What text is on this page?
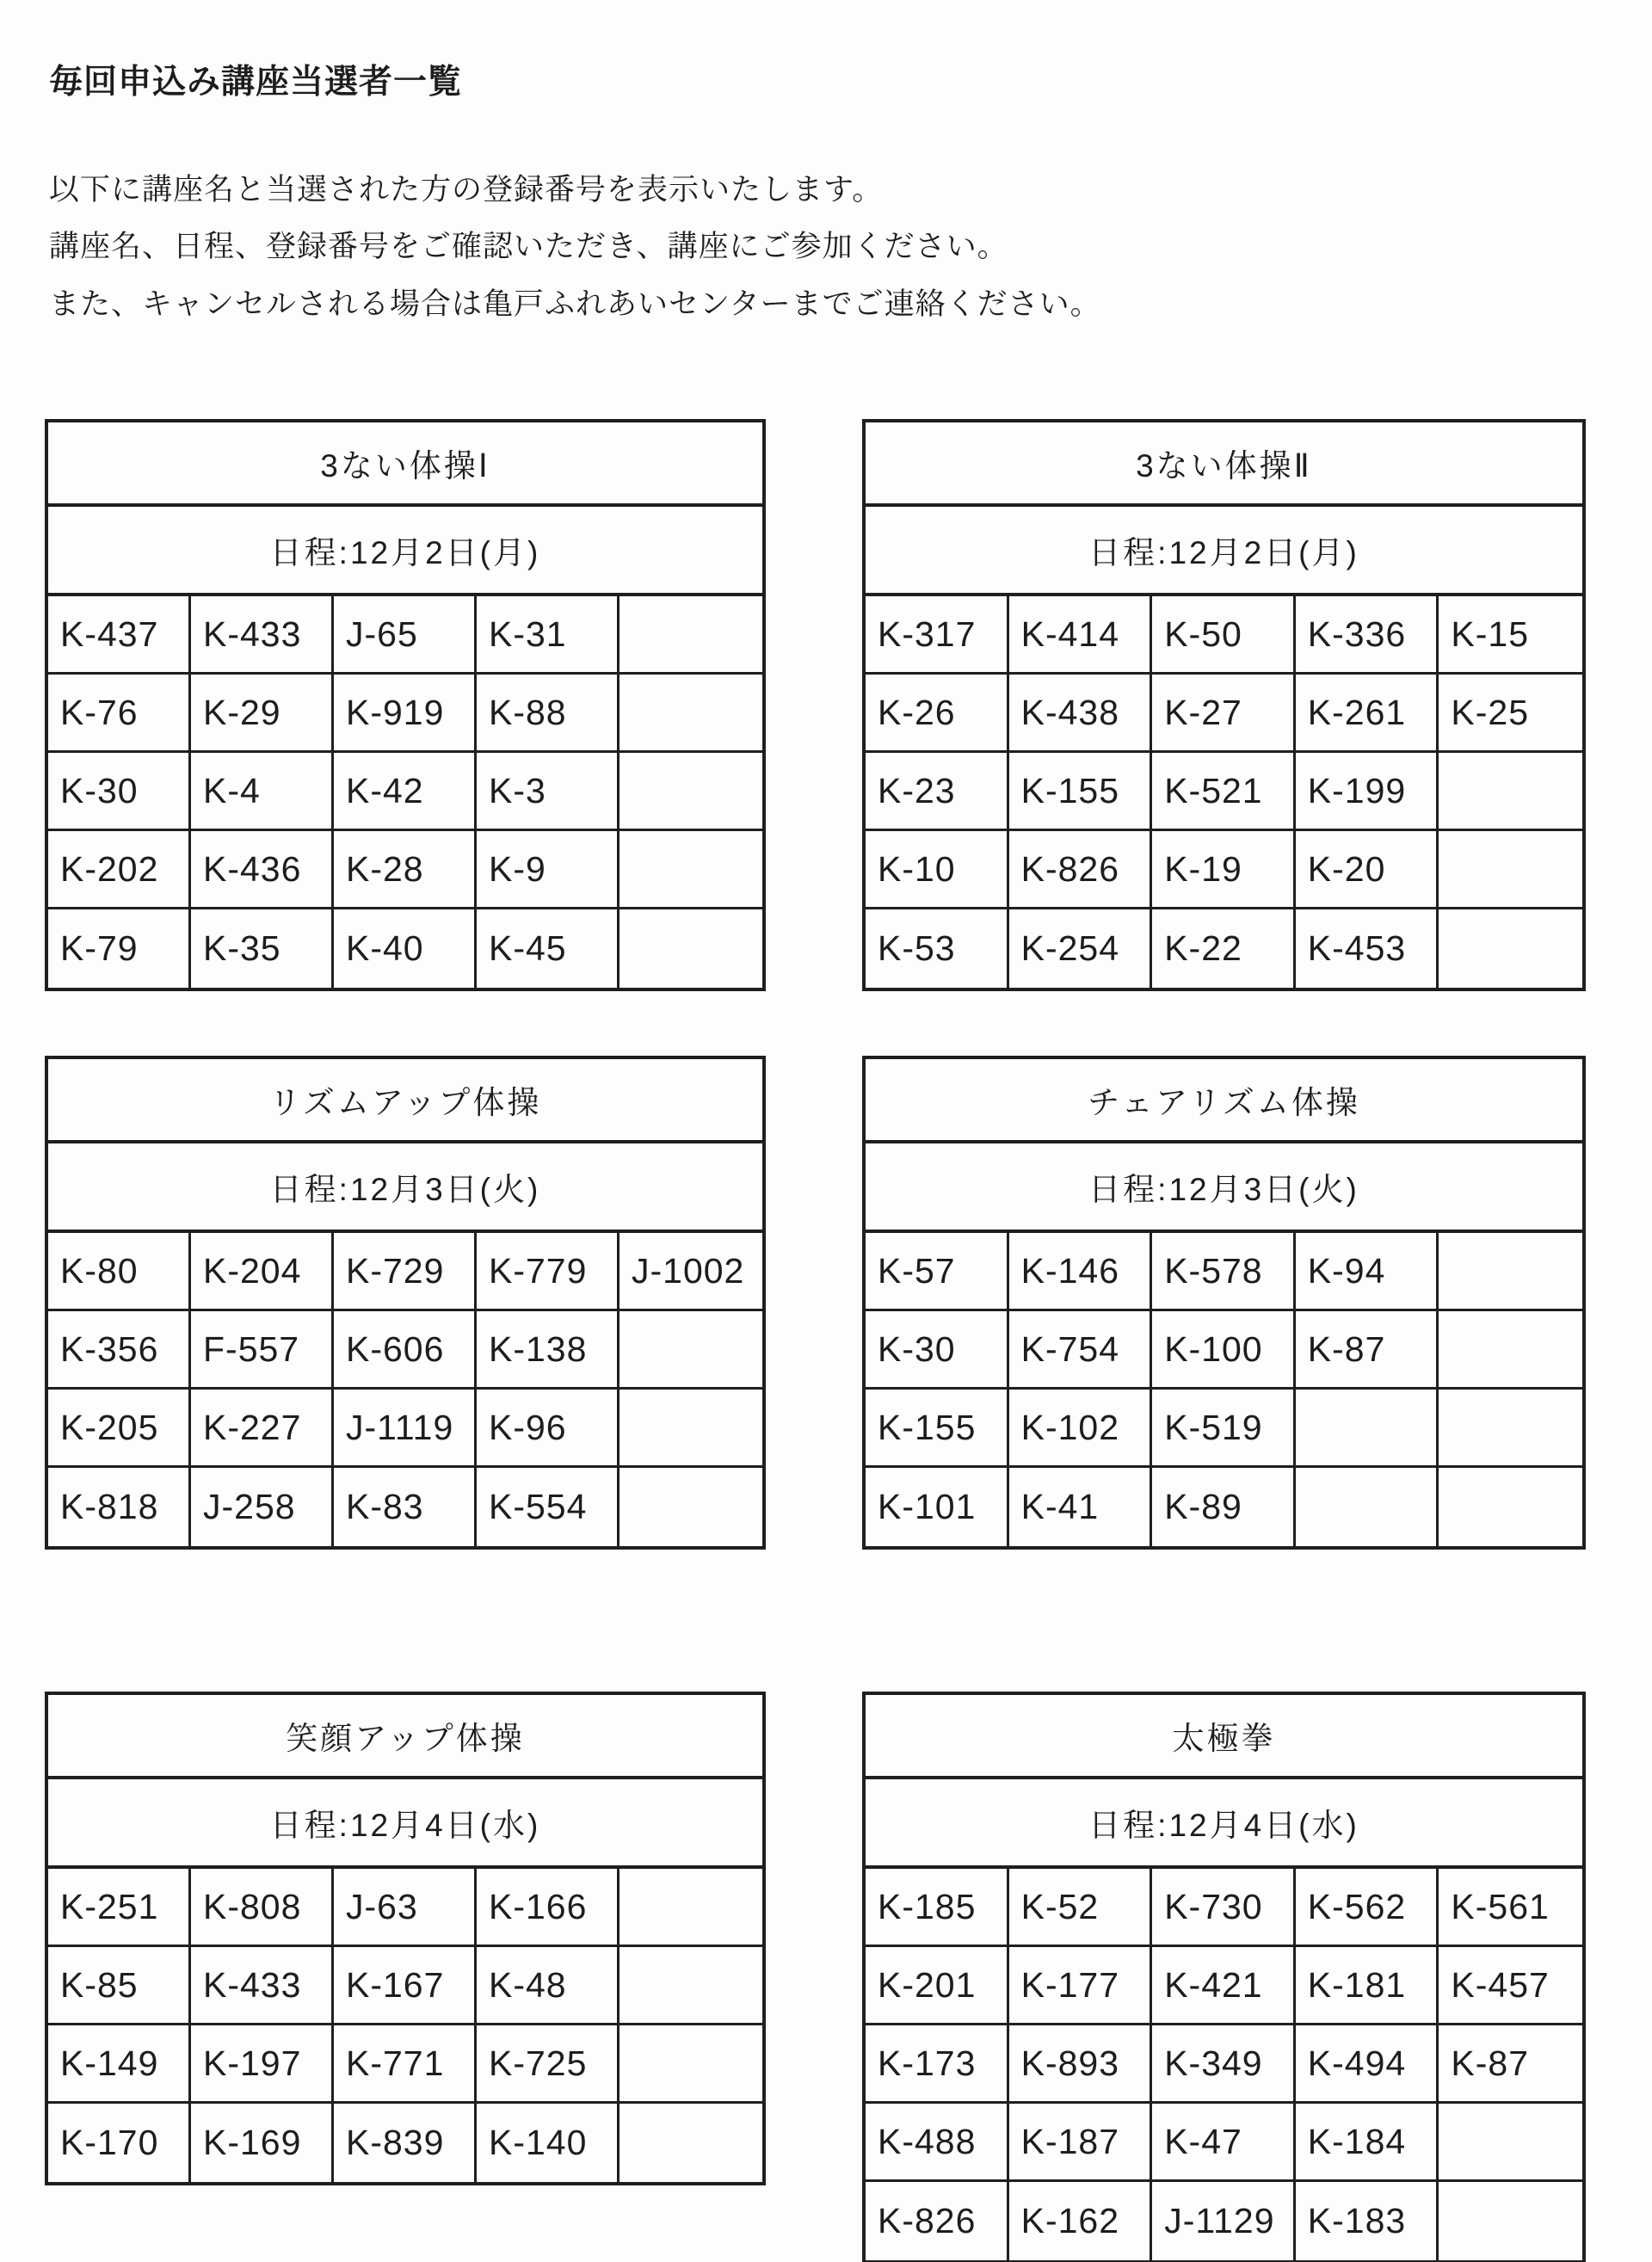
毎回申込み講座当選者一覧

以下に講座名と当選された方の登録番号を表示いたします。

講座名、日程、登録番号をご確認いただき、講座にご参加ください。

また、キャンセルされる場合は亀戸ふれあいセンターまでご連絡ください。

3ない体操Ⅰ
日程:12月2日(月)
K-437	K-433	J-65	K-31
K-76	K-29	K-919	K-88
K-30	K-4	K-42	K-3
K-202	K-436	K-28	K-9
K-79	K-35	K-40	K-45
3ない体操Ⅱ
日程:12月2日(月)
K-317	K-414	K-50	K-336	K-15
K-26	K-438	K-27	K-261	K-25
K-23	K-155	K-521	K-199
K-10	K-826	K-19	K-20
K-53	K-254	K-22	K-453
リズムアップ体操
日程:12月3日(火)
K-80	K-204	K-729	K-779	J-1002
K-356	F-557	K-606	K-138
K-205	K-227	J-1119 K-96
K-818	J-258	K-83	K-554
チェアリズム体操
日程:12月3日(火)
K-57	K-146	K-578	K-94
K-30	K-754	K-100	K-87
K-155	K-102	K-519
K-101	K-41	K-89
笑顔アップ体操
日程:12月4日(水)
K-251	K-808	J-63	K-166
K-85	K-433	K-167	K-48
K-149	K-197	K-771	K-725
K-170	K-169	K-839	K-140
太極拳
日程:12月4日(水)
K-185	K-52	K-730	K-562	K-561
K-201	K-177	K-421	K-181	K-457
K-173	K-893	K-349	K-494	K-87
K-488	K-187	K-47	K-184
K-826	K-162	J-1129 K-183
